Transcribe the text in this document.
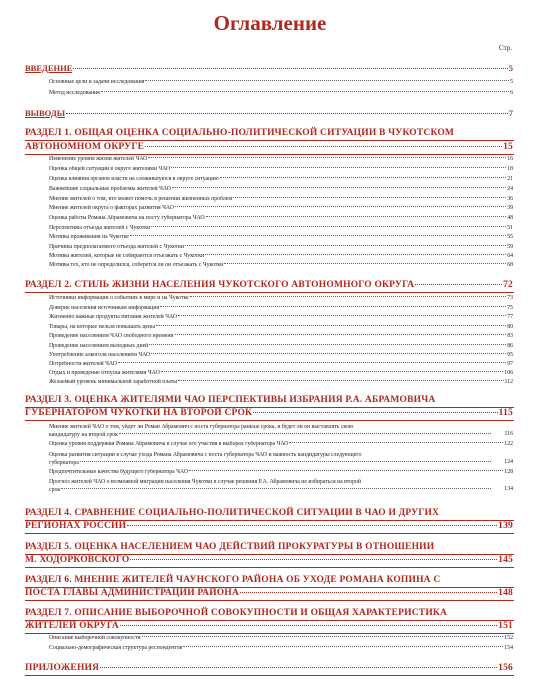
Оглавление
Стр.
ВВЕДЕНИЕ	5
Основные цели и задачи исследования	5
Метод исследования	6
ВЫВОДЫ	7
РАЗДЕЛ 1. ОБЩАЯ ОЦЕНКА СОЦИАЛЬНО-ПОЛИТИЧЕСКОЙ СИТУАЦИИ В ЧУКОТСКОМ
АВТОНОМНОМ ОКРУГЕ	15
Изменение уровня жизни жителей ЧАО	16
Оценка общей ситуации в округе жителями ЧАО	18
Оценка влияния органов власти на сложившуюся в округе ситуацию	21
Важнейшие социальные проблемы жителей ЧАО	24
Мнение жителей о том, кто может помочь в решении жизненных проблем	36
Мнение жителей округа о факторах развития ЧАО	39
Оценка работы Романа Абрамовича на посту губернатора ЧАО	48
Перспективы отъезда жителей с Чукотки	51
Мотивы проживания на Чукотке	55
Причины предполагаемого отъезда жителей с Чукотки	59
Мотивы жителей, которые не собираются отъезжать с Чукотки	64
Мотивы тех, кто не определился, соберется ли он отъезжать с Чукотки	68
РАЗДЕЛ 2. СТИЛЬ ЖИЗНИ НАСЕЛЕНИЯ ЧУКОТСКОГО АВТОНОМНОГО ОКРУГА	72
Источники информации о событиях в мире и на Чукотке	73
Доверие населения источникам информации	75
Жизненно важные продукты питания жителей ЧАО	77
Товары, на которые нельзя повышать цены	80
Проведение населением ЧАО свободного времени	83
Проведение населением выходных дней	86
Употребление алкоголя населением ЧАО	95
Потребности жителей ЧАО	97
Отдых и проведение отпуска жителями ЧАО	106
Желаемый уровень минимальной заработной платы	112
РАЗДЕЛ 3. ОЦЕНКА ЖИТЕЛЯМИ ЧАО ПЕРСПЕКТИВЫ ИЗБРАНИЯ Р.А. АБРАМОВИЧА
ГУБЕРНАТОРОМ ЧУКОТКИ НА ВТОРОЙ СРОК	115
Мнение жителей ЧАО о том, уйдет ли Роман Абрамович с поста губернатора раньше срока, и будет ли он выставлять свою
кандидатуру на второй срок	116
Оценка уровня поддержки Романа Абрамовича в случае его участия в выборах губернатора ЧАО	122
Оценка развития ситуации в случае ухода Романа Абрамовича с поста губернатора ЧАО и важность кандидатуры следующего
губернатора	124
Предпочтительные качества будущего губернатора ЧАО	128
Прогноз жителей ЧАО о возможной миграции населения Чукотки в случае решения Р.А. Абрамовича не избираться на второй
срок	134
РАЗДЕЛ 4. СРАВНЕНИЕ СОЦИАЛЬНО-ПОЛИТИЧЕСКОЙ СИТУАЦИИ В ЧАО И ДРУГИХ
РЕГИОНАХ РОССИИ	139
РАЗДЕЛ 5. ОЦЕНКА НАСЕЛЕНИЕМ ЧАО ДЕЙСТВИЙ ПРОКУРАТУРЫ В ОТНОШЕНИИ
М. ХОДОРКОВСКОГО	145
РАЗДЕЛ 6. МНЕНИЕ ЖИТЕЛЕЙ ЧАУНСКОГО РАЙОНА ОБ УХОДЕ РОМАНА КОПИНА С
ПОСТА ГЛАВЫ АДМИНИСТРАЦИИ РАЙОНА	148
РАЗДЕЛ 7. ОПИСАНИЕ ВЫБОРОЧНОЙ СОВОКУПНОСТИ И ОБЩАЯ ХАРАКТЕРИСТИКА
ЖИТЕЛЕЙ ОКРУГА	151
Описание выборочной совокупности	152
Социально-демографическая структура респондентов	154
ПРИЛОЖЕНИЯ	156
